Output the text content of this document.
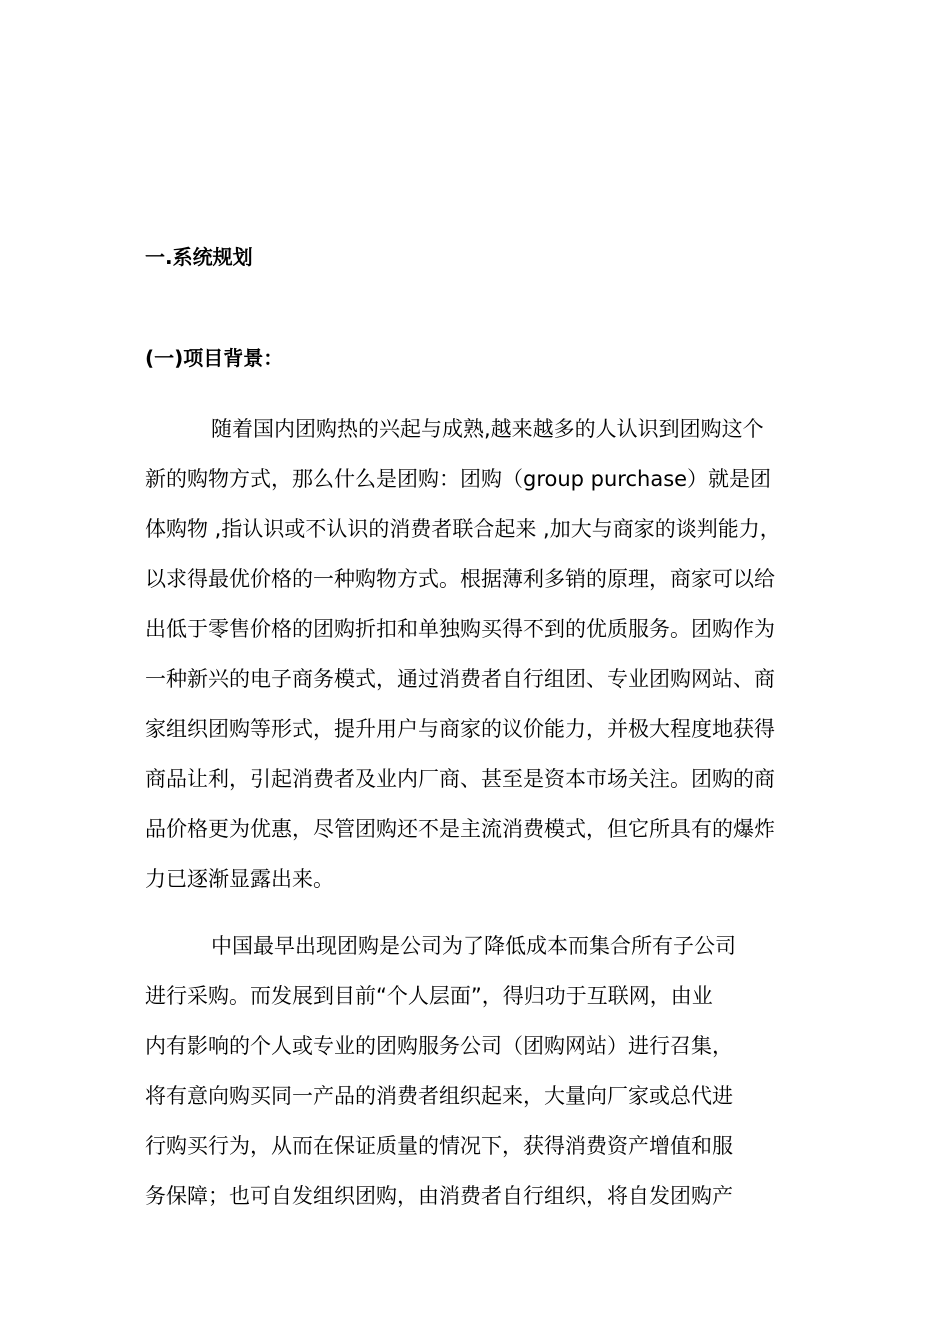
一.系统规划
(一)项目背景：
随着国内团购热的兴起与成熟,越来越多的人认识到团购这个
新的购物方式，那么什么是团购：团购（group purchase）就是团
体购物 ,指认识或不认识的消费者联合起来 ,加大与商家的谈判能力，
以求得最优价格的一种购物方式。根据薄利多销的原理，商家可以给
出低于零售价格的团购折扣和单独购买得不到的优质服务。团购作为
一种新兴的电子商务模式，通过消费者自行组团、专业团购网站、商
家组织团购等形式，提升用户与商家的议价能力，并极大程度地获得
商品让利，引起消费者及业内厂商、甚至是资本市场关注。团购的商
品价格更为优惠，尽管团购还不是主流消费模式，但它所具有的爆炸
力已逐渐显露出来。
中国最早出现团购是公司为了降低成本而集合所有子公司
进行采购。而发展到目前“个人层面”，得归功于互联网，由业
内有影响的个人或专业的团购服务公司（团购网站）进行召集，
将有意向购买同一产品的消费者组织起来，大量向厂家或总代进
行购买行为，从而在保证质量的情况下，获得消费资产增值和服
务保障；也可自发组织团购，由消费者自行组织，将自发团购产
